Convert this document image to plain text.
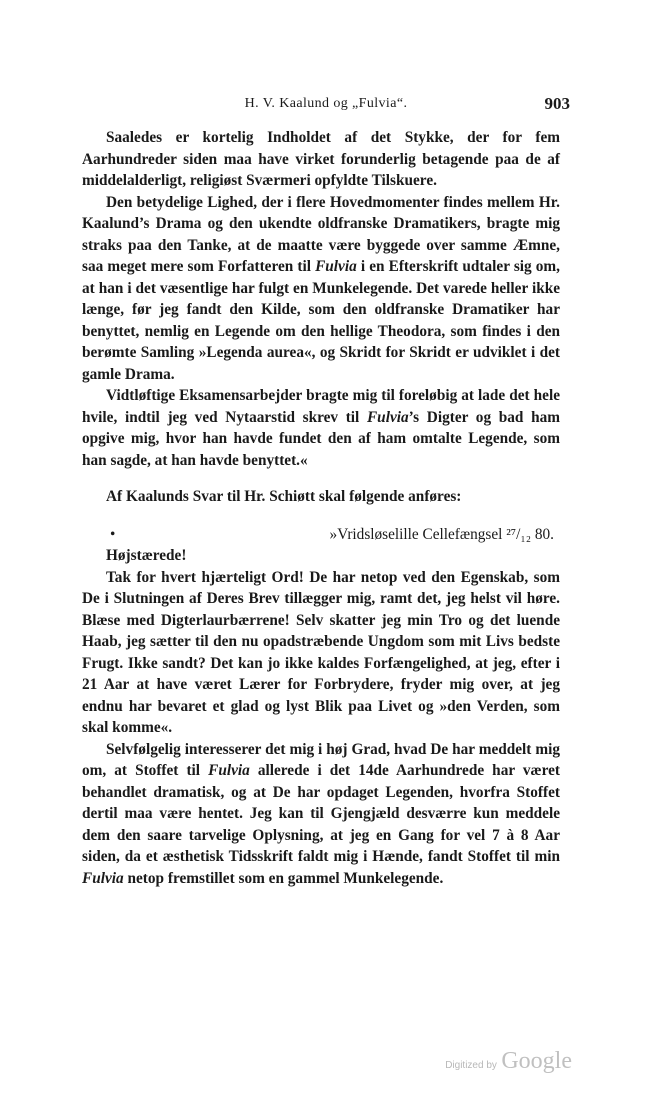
H. V. Kaalund og „Fulvia“.	903

Saaledes er kortelig Indholdet af det Stykke, der for fem Aarhundreder siden maa have virket forunderlig betagende paa de af middelalderligt, religiøst Sværmeri opfyldte Tilskuere.

Den betydelige Lighed, der i flere Hovedmomenter findes mellem Hr. Kaalund’s Drama og den ukendte oldfranske Dramatikers, bragte mig straks paa den Tanke, at de maatte være byggede over samme Æmne, saa meget mere som Forfatteren til Fulvia i en Efterskrift udtaler sig om, at han i det væsentlige har fulgt en Munkelegende. Det varede heller ikke længe, før jeg fandt den Kilde, som den oldfranske Dramatiker har benyttet, nemlig en Legende om den hellige Theodora, som findes i den berømte Samling »Legenda aurea«, og Skridt for Skridt er udviklet i det gamle Drama.

Vidtløftige Eksamensarbejder bragte mig til foreløbig at lade det hele hvile, indtil jeg ved Nytaarstid skrev til Fulvia’s Digter og bad ham opgive mig, hvor han havde fundet den af ham omtalte Legende, som han sagde, at han havde benyttet.«

Af Kaalunds Svar til Hr. Schiøtt skal følgende anføres:

•	»Vridsløselille Cellefængsel ²⁷/₁₂ 80.

Højstærede!

Tak for hvert hjærteligt Ord! De har netop ved den Egenskab, som De i Slutningen af Deres Brev tillægger mig, ramt det, jeg helst vil høre. Blæse med Digterlaurbærrene! Selv skatter jeg min Tro og det luende Haab, jeg sætter til den nu opadstræbende Ungdom som mit Livs bedste Frugt. Ikke sandt? Det kan jo ikke kaldes Forfængelighed, at jeg, efter i 21 Aar at have været Lærer for Forbrydere, fryder mig over, at jeg endnu har bevaret et glad og lyst Blik paa Livet og »den Verden, som skal komme«.

Selvfølgelig interesserer det mig i høj Grad, hvad De har meddelt mig om, at Stoffet til Fulvia allerede i det 14de Aarhundrede har været behandlet dramatisk, og at De har opdaget Legenden, hvorfra Stoffet dertil maa være hentet. Jeg kan til Gjengjæld desværre kun meddele dem den saare tarvelige Oplysning, at jeg en Gang for vel 7 à 8 Aar siden, da et æsthetisk Tidsskrift faldt mig i Hænde, fandt Stoffet til min Fulvia netop fremstillet som en gammel Munkelegende.

Digitized by Google
